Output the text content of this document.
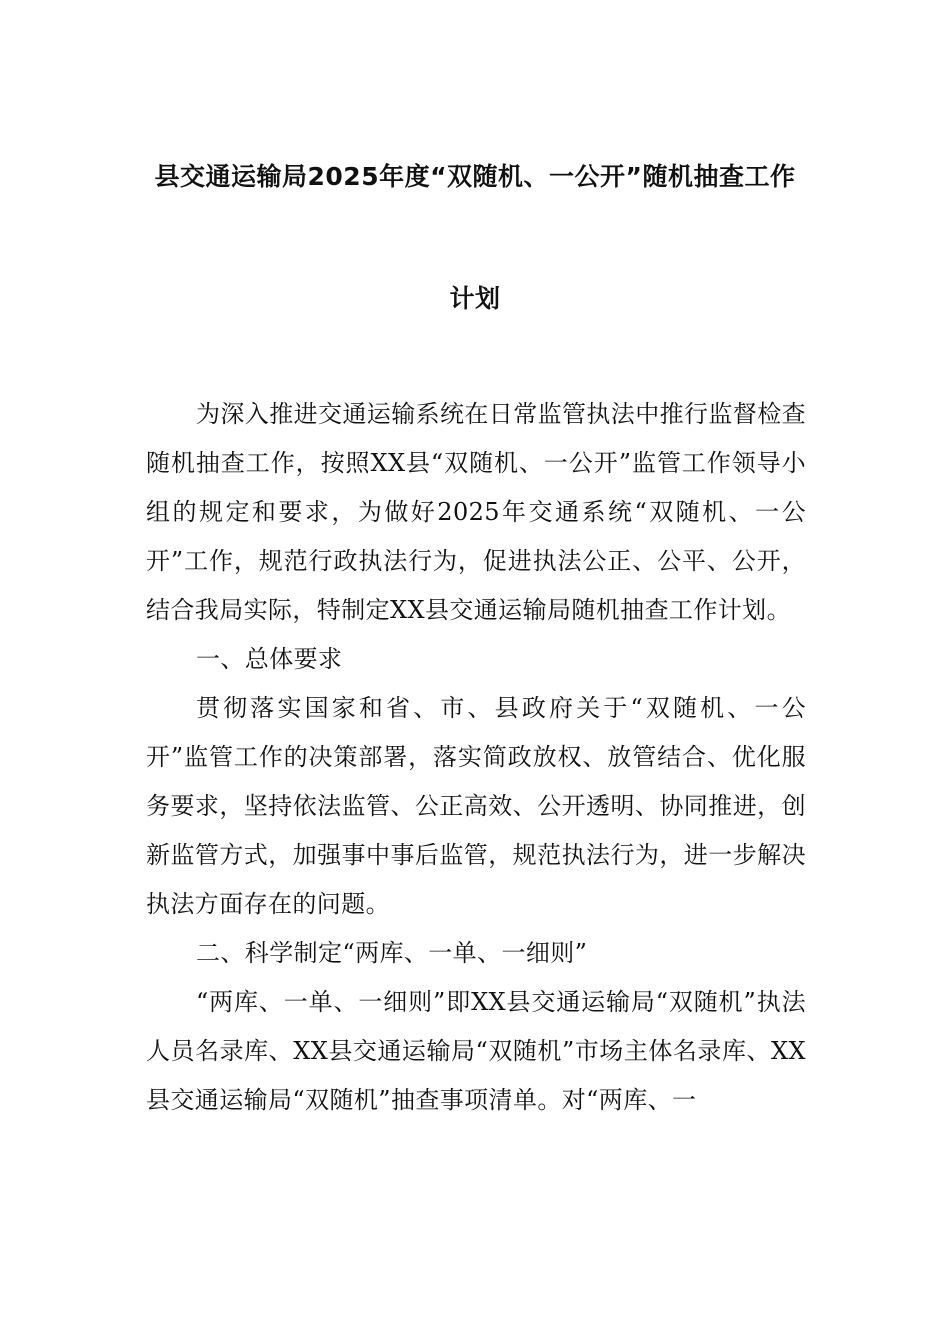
县交通运输局2025年度“双随机、一公开”随机抽查工作
计划

为深入推进交通运输系统在日常监管执法中推行监督检查随机抽查工作，按照XX县“双随机、一公开”监管工作领导小组的规定和要求，为做好2025年交通系统“双随机、一公开”工作，规范行政执法行为，促进执法公正、公平、公开，结合我局实际，特制定XX县交通运输局随机抽查工作计划。

一、总体要求

贯彻落实国家和省、市、县政府关于“双随机、一公开”监管工作的决策部署，落实简政放权、放管结合、优化服务要求，坚持依法监管、公正高效、公开透明、协同推进，创新监管方式，加强事中事后监管，规范执法行为，进一步解决执法方面存在的问题。

二、科学制定“两库、一单、一细则”

“两库、一单、一细则”即XX县交通运输局“双随机”执法人员名录库、XX县交通运输局“双随机”市场主体名录库、XX县交通运输局“双随机”抽查事项清单。对“两库、一
